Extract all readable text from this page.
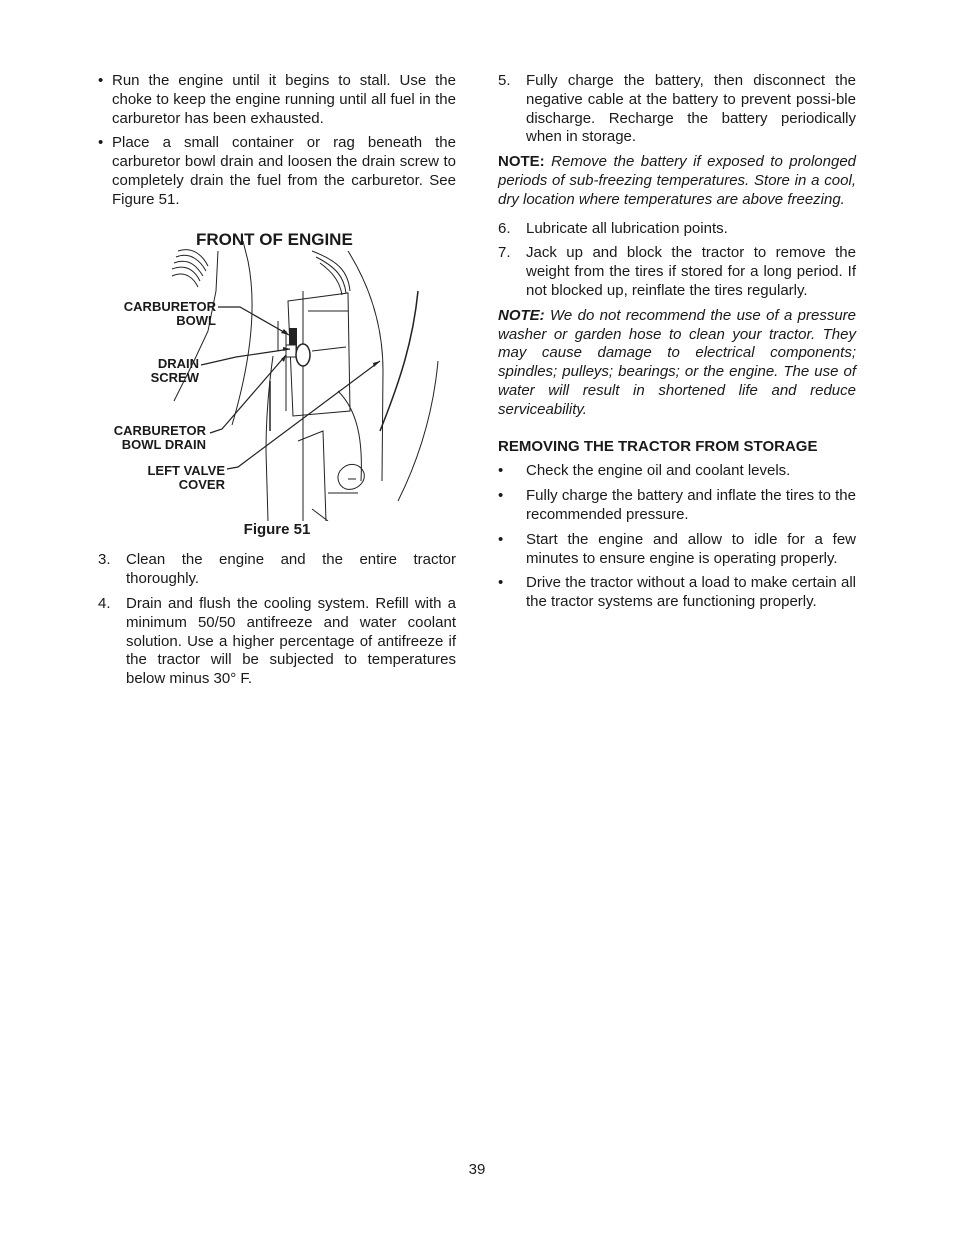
• Run the engine until it begins to stall. Use the choke to keep the engine running until all fuel in the carburetor has been exhausted.
• Place a small container or rag beneath the carburetor bowl drain and loosen the drain screw to completely drain the fuel from the carburetor. See Figure 51.
FRONT OF ENGINE
CARBURETOR
BOWL
DRAIN
SCREW
CARBURETOR
BOWL DRAIN
LEFT VALVE
COVER
Figure 51
3. Clean the engine and the entire tractor thoroughly.
4. Drain and flush the cooling system. Refill with a minimum 50/50 antifreeze and water coolant solution. Use a higher percentage of antifreeze if the tractor will be subjected to temperatures below minus 30° F.
5. Fully charge the battery, then disconnect the negative cable at the battery to prevent possi-ble discharge. Recharge the battery periodically when in storage.

NOTE: Remove the battery if exposed to prolonged periods of sub-freezing temperatures. Store in a cool, dry location where temperatures are above freezing.

6. Lubricate all lubrication points.
7. Jack up and block the tractor to remove the weight from the tires if stored for a long period. If not blocked up, reinflate the tires regularly.

NOTE: We do not recommend the use of a pressure washer or garden hose to clean your tractor. They may cause damage to electrical components; spindles; pulleys; bearings; or the engine. The use of water will result in shortened life and reduce serviceability.

REMOVING THE TRACTOR FROM STORAGE
• Check the engine oil and coolant levels.
• Fully charge the battery and inflate the tires to the recommended pressure.
• Start the engine and allow to idle for a few minutes to ensure engine is operating properly.
• Drive the tractor without a load to make certain all the tractor systems are functioning properly.
39
